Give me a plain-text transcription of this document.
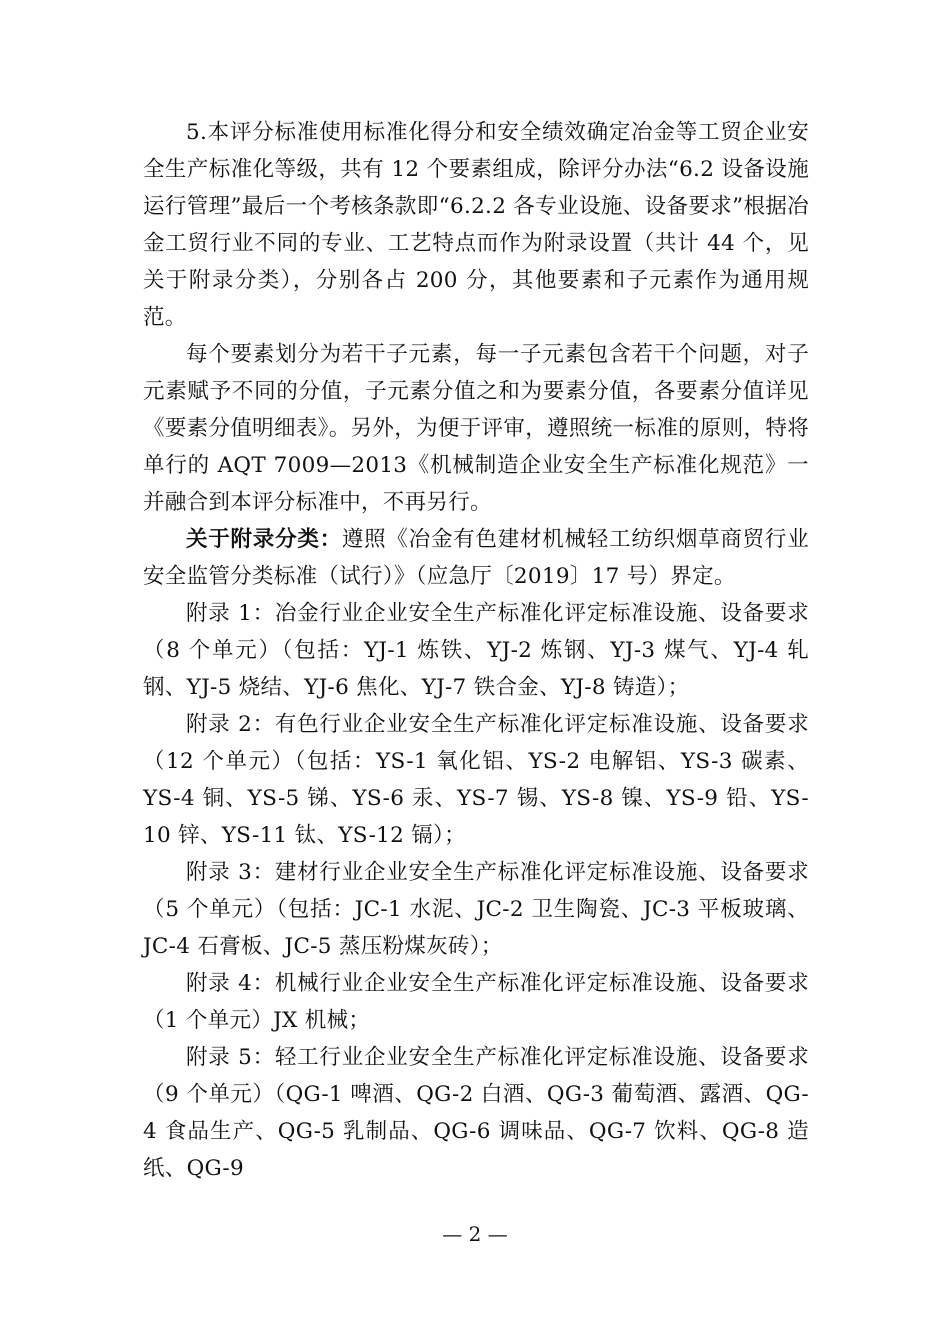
5.本评分标准使用标准化得分和安全绩效确定冶金等工贸企业安全生产标准化等级，共有 12 个要素组成，除评分办法“6.2 设备设施运行管理”最后一个考核条款即“6.2.2 各专业设施、设备要求”根据冶金工贸行业不同的专业、工艺特点而作为附录设置（共计 44 个，见关于附录分类），分别各占 200 分，其他要素和子元素作为通用规范。

每个要素划分为若干子元素，每一子元素包含若干个问题，对子元素赋予不同的分值，子元素分值之和为要素分值，各要素分值详见《要素分值明细表》。另外，为便于评审，遵照统一标准的原则，特将单行的 AQT 7009—2013《机械制造企业安全生产标准化规范》一并融合到本评分标准中，不再另行。

关于附录分类：遵照《冶金有色建材机械轻工纺织烟草商贸行业安全监管分类标准（试行）》（应急厅〔2019〕17 号）界定。

附录 1：冶金行业企业安全生产标准化评定标准设施、设备要求（8 个单元）（包括：YJ-1 炼铁、YJ-2 炼钢、YJ-3 煤气、YJ-4 轧钢、YJ-5 烧结、YJ-6 焦化、YJ-7 铁合金、YJ-8 铸造）；

附录 2：有色行业企业安全生产标准化评定标准设施、设备要求（12 个单元）（包括：YS-1 氧化铝、YS-2 电解铝、YS-3 碳素、YS-4 铜、YS-5 锑、YS-6 汞、YS-7 锡、YS-8 镍、YS-9 铅、YS-10 锌、YS-11 钛、YS-12 镉）；

附录 3：建材行业企业安全生产标准化评定标准设施、设备要求（5 个单元）（包括：JC-1 水泥、JC-2 卫生陶瓷、JC-3 平板玻璃、JC-4 石膏板、JC-5 蒸压粉煤灰砖）；

附录 4：机械行业企业安全生产标准化评定标准设施、设备要求（1 个单元）JX 机械；

附录 5：轻工行业企业安全生产标准化评定标准设施、设备要求（9 个单元）（QG-1 啤酒、QG-2 白酒、QG-3 葡萄酒、露酒、QG-4 食品生产、QG-5 乳制品、QG-6 调味品、QG-7 饮料、QG-8 造纸、QG-9

— 2 —
